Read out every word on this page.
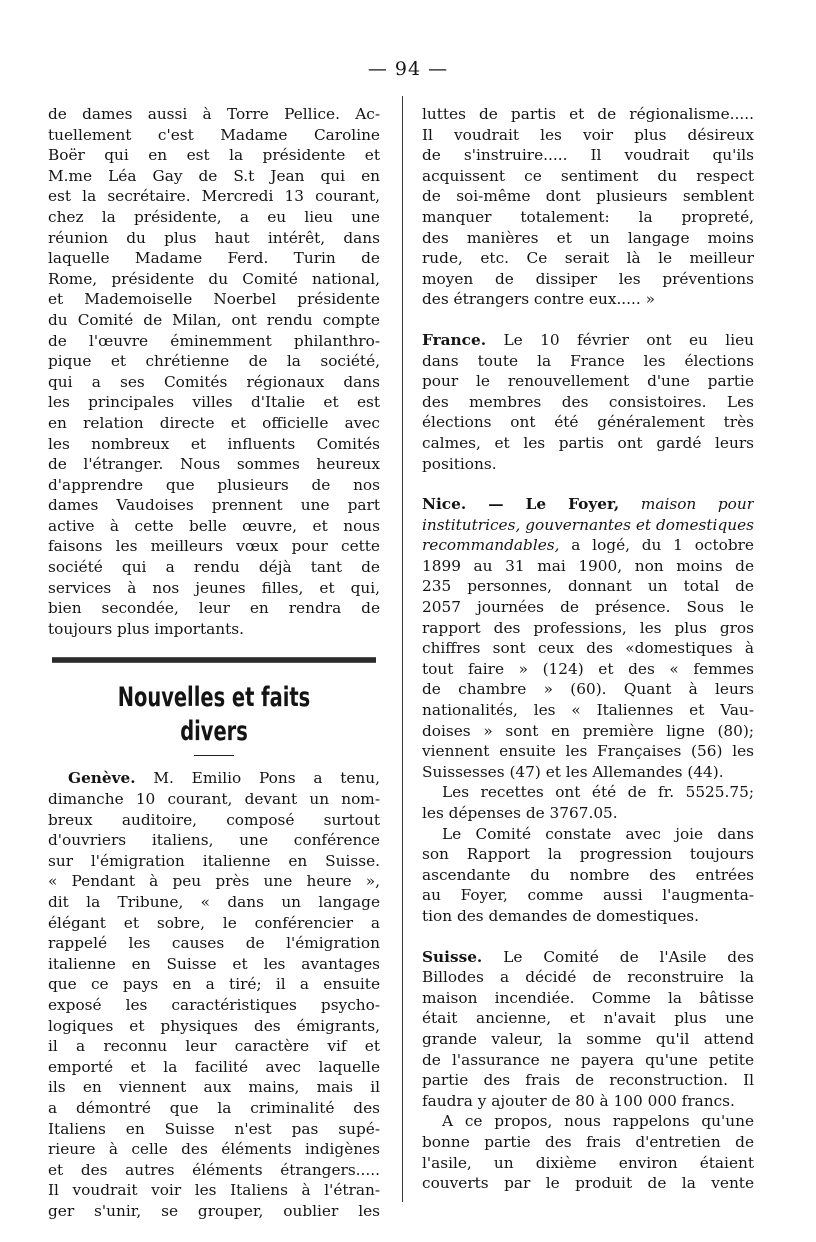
— 94 —
de dames aussi à Torre Pellice. Ac-
tuellement c'est Madame Caroline
Boër qui en est la présidente et
M.me Léa Gay de S.t Jean qui en
est la secrétaire. Mercredi 13 courant,
chez la présidente, a eu lieu une
réunion du plus haut intérêt, dans
laquelle Madame Ferd. Turin de
Rome, présidente du Comité national,
et Mademoiselle Noerbel présidente
du Comité de Milan, ont rendu compte
de l'œuvre éminemment philanthro-
pique et chrétienne de la société,
qui a ses Comités régionaux dans
les principales villes d'Italie et est
en relation directe et officielle avec
les nombreux et influents Comités
de l'étranger. Nous sommes heureux
d'apprendre que plusieurs de nos
dames Vaudoises prennent une part
active à cette belle œuvre, et nous
faisons les meilleurs vœux pour cette
société qui a rendu déjà tant de
services à nos jeunes filles, et qui,
bien secondée, leur en rendra de
toujours plus importants.
Nouvelles et faits divers
Genève. M. Emilio Pons a tenu,
dimanche 10 courant, devant un nom-
breux auditoire, composé surtout
d'ouvriers italiens, une conférence
sur l'émigration italienne en Suisse.
« Pendant à peu près une heure »,
dit la Tribune, « dans un langage
élégant et sobre, le conférencier a
rappelé les causes de l'émigration
italienne en Suisse et les avantages
que ce pays en a tiré; il a ensuite
exposé les caractéristiques psycho-
logiques et physiques des émigrants,
il a reconnu leur caractère vif et
emporté et la facilité avec laquelle
ils en viennent aux mains, mais il
a démontré que la criminalité des
Italiens en Suisse n'est pas supé-
rieure à celle des éléments indigènes
et des autres éléments étrangers.....
Il voudrait voir les Italiens à l'étran-
ger s'unir, se grouper, oublier les
luttes de partis et de régionalisme.....
Il voudrait les voir plus désireux
de s'instruire..... Il voudrait qu'ils
acquissent ce sentiment du respect
de soi-même dont plusieurs semblent
manquer totalement: la propreté,
des manières et un langage moins
rude, etc. Ce serait là le meilleur
moyen de dissiper les préventions
des étrangers contre eux..... »
France. Le 10 février ont eu lieu
dans toute la France les élections
pour le renouvellement d'une partie
des membres des consistoires. Les
élections ont été généralement très
calmes, et les partis ont gardé leurs
positions.
Nice. — Le Foyer, maison pour
institutrices, gouvernantes et domestiques
recommandables, a logé, du 1 octobre
1899 au 31 mai 1900, non moins de
235 personnes, donnant un total de
2057 journées de présence. Sous le
rapport des professions, les plus gros
chiffres sont ceux des «domestiques à
tout faire » (124) et des « femmes
de chambre » (60). Quant à leurs
nationalités, les « Italiennes et Vau-
doises » sont en première ligne (80);
viennent ensuite les Françaises (56) les
Suissesses (47) et les Allemandes (44).
Les recettes ont été de fr. 5525.75;
les dépenses de 3767.05.
Le Comité constate avec joie dans
son Rapport la progression toujours
ascendante du nombre des entrées
au Foyer, comme aussi l'augmenta-
tion des demandes de domestiques.
Suisse. Le Comité de l'Asile des
Billodes a décidé de reconstruire la
maison incendiée. Comme la bâtisse
était ancienne, et n'avait plus une
grande valeur, la somme qu'il attend
de l'assurance ne payera qu'une petite
partie des frais de reconstruction. Il
faudra y ajouter de 80 à 100 000 francs.
A ce propos, nous rappelons qu'une
bonne partie des frais d'entretien de
l'asile, un dixième environ étaient
couverts par le produit de la vente
